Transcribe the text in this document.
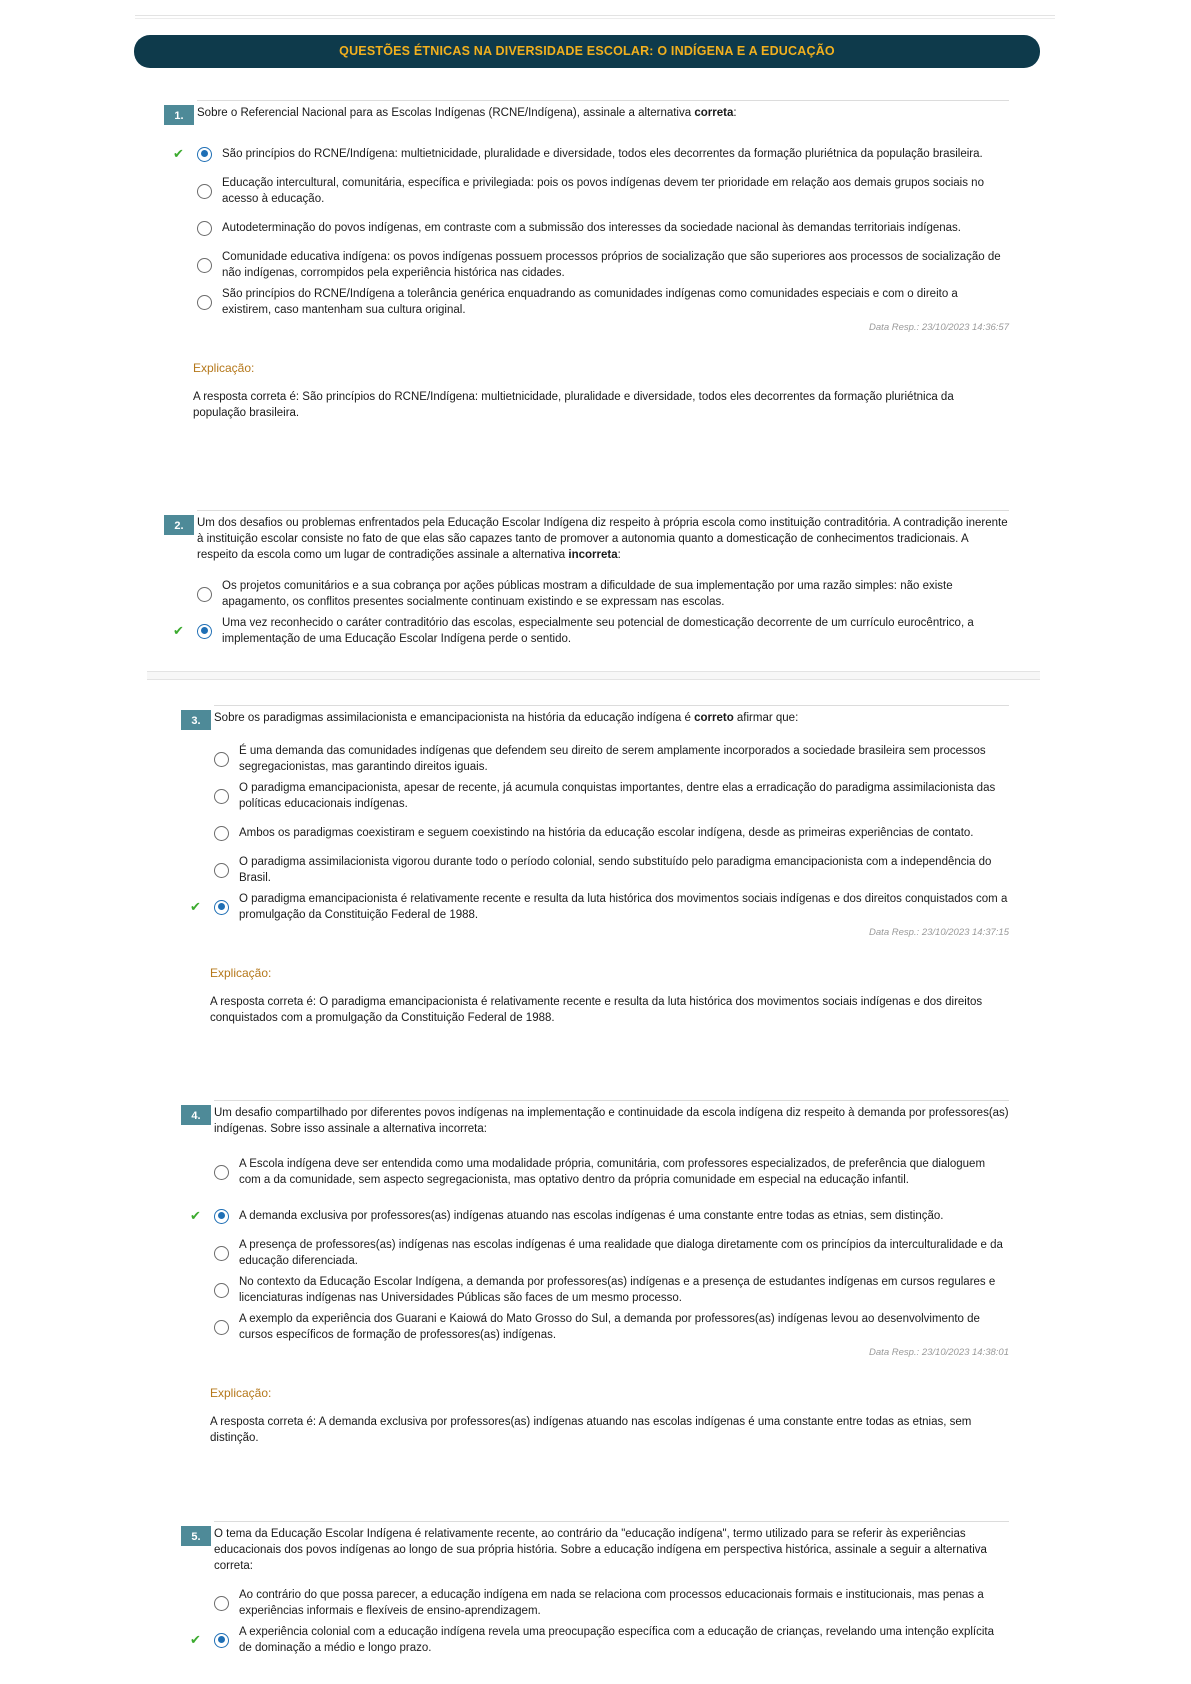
QUESTÕES ÉTNICAS NA DIVERSIDADE ESCOLAR: O INDÍGENA E A EDUCAÇÃO
1.	Sobre o Referencial Nacional para as Escolas Indígenas (RCNE/Indígena), assinale a alternativa correta:
✔	São princípios do RCNE/Indígena: multietnicidade, pluralidade e diversidade, todos eles decorrentes da formação pluriétnica da população brasileira.
Educação intercultural, comunitária, específica e privilegiada: pois os povos indígenas devem ter prioridade em relação aos demais grupos sociais no acesso à educação.
Autodeterminação do povos indígenas, em contraste com a submissão dos interesses da sociedade nacional às demandas territoriais indígenas.
Comunidade educativa indígena: os povos indígenas possuem processos próprios de socialização que são superiores aos processos de socialização de não indígenas, corrompidos pela experiência histórica nas cidades.
São princípios do RCNE/Indígena a tolerância genérica enquadrando as comunidades indígenas como comunidades especiais e com o direito a existirem, caso mantenham sua cultura original.
Data Resp.: 23/10/2023 14:36:57
Explicação:
A resposta correta é: São princípios do RCNE/Indígena: multietnicidade, pluralidade e diversidade, todos eles decorrentes da formação pluriétnica da população brasileira.
2.	Um dos desafios ou problemas enfrentados pela Educação Escolar Indígena diz respeito à própria escola como instituição contraditória. A contradição inerente à instituição escolar consiste no fato de que elas são capazes tanto de promover a autonomia quanto a domesticação de conhecimentos tradicionais. A respeito da escola como um lugar de contradições assinale a alternativa incorreta:
Os projetos comunitários e a sua cobrança por ações públicas mostram a dificuldade de sua implementação por uma razão simples: não existe apagamento, os conflitos presentes socialmente continuam existindo e se expressam nas escolas.
✔	Uma vez reconhecido o caráter contraditório das escolas, especialmente seu potencial de domesticação decorrente de um currículo eurocêntrico, a implementação de uma Educação Escolar Indígena perde o sentido.
3.	Sobre os paradigmas assimilacionista e emancipacionista na história da educação indígena é correto afirmar que:
É uma demanda das comunidades indígenas que defendem seu direito de serem amplamente incorporados a sociedade brasileira sem processos segregacionistas, mas garantindo direitos iguais.
O paradigma emancipacionista, apesar de recente, já acumula conquistas importantes, dentre elas a erradicação do paradigma assimilacionista das políticas educacionais indígenas.
Ambos os paradigmas coexistiram e seguem coexistindo na história da educação escolar indígena, desde as primeiras experiências de contato.
O paradigma assimilacionista vigorou durante todo o período colonial, sendo substituído pelo paradigma emancipacionista com a independência do Brasil.
✔	O paradigma emancipacionista é relativamente recente e resulta da luta histórica dos movimentos sociais indígenas e dos direitos conquistados com a promulgação da Constituição Federal de 1988.
Data Resp.: 23/10/2023 14:37:15
Explicação:
A resposta correta é: O paradigma emancipacionista é relativamente recente e resulta da luta histórica dos movimentos sociais indígenas e dos direitos conquistados com a promulgação da Constituição Federal de 1988.
4.	Um desafio compartilhado por diferentes povos indígenas na implementação e continuidade da escola indígena diz respeito à demanda por professores(as) indígenas. Sobre isso assinale a alternativa incorreta:
A Escola indígena deve ser entendida como uma modalidade própria, comunitária, com professores especializados, de preferência que dialoguem com a da comunidade, sem aspecto segregacionista, mas optativo dentro da própria comunidade em especial na educação infantil.
✔	A demanda exclusiva por professores(as) indígenas atuando nas escolas indígenas é uma constante entre todas as etnias, sem distinção.
A presença de professores(as) indígenas nas escolas indígenas é uma realidade que dialoga diretamente com os princípios da interculturalidade e da educação diferenciada.
No contexto da Educação Escolar Indígena, a demanda por professores(as) indígenas e a presença de estudantes indígenas em cursos regulares e licenciaturas indígenas nas Universidades Públicas são faces de um mesmo processo.
A exemplo da experiência dos Guarani e Kaiowá do Mato Grosso do Sul, a demanda por professores(as) indígenas levou ao desenvolvimento de cursos específicos de formação de professores(as) indígenas.
Data Resp.: 23/10/2023 14:38:01
Explicação:
A resposta correta é: A demanda exclusiva por professores(as) indígenas atuando nas escolas indígenas é uma constante entre todas as etnias, sem distinção.
5.	O tema da Educação Escolar Indígena é relativamente recente, ao contrário da "educação indígena", termo utilizado para se referir às experiências educacionais dos povos indígenas ao longo de sua própria história. Sobre a educação indígena em perspectiva histórica, assinale a seguir a alternativa correta:
Ao contrário do que possa parecer, a educação indígena em nada se relaciona com processos educacionais formais e institucionais, mas penas a experiências informais e flexíveis de ensino-aprendizagem.
✔	A experiência colonial com a educação indígena revela uma preocupação específica com a educação de crianças, revelando uma intenção explícita de dominação a médio e longo prazo.
